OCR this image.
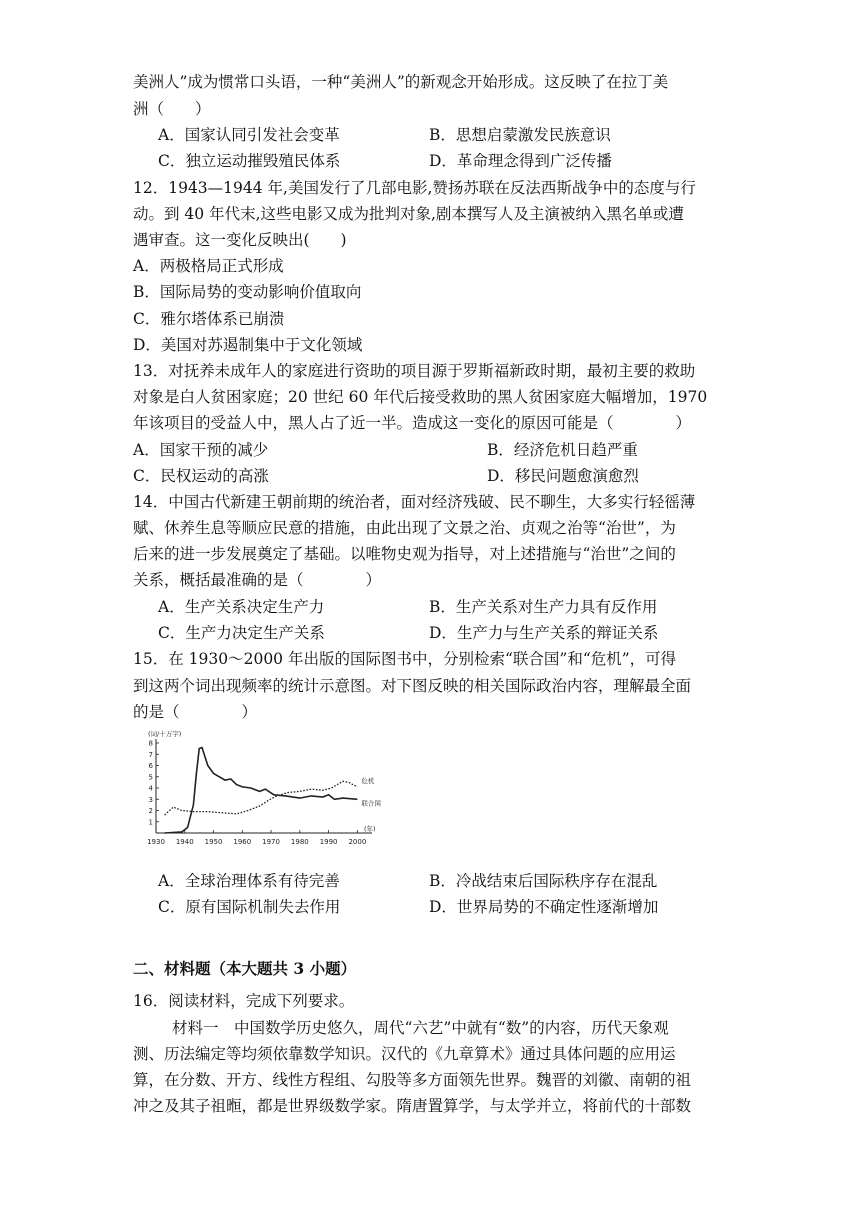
美洲人”成为惯常口头语，一种“美洲人”的新观念开始形成。这反映了在拉丁美
洲（　　）
A．国家认同引发社会变革	B．思想启蒙激发民族意识
C．独立运动摧毁殖民体系	D．革命理念得到广泛传播
12．1943—1944 年,美国发行了几部电影,赞扬苏联在反法西斯战争中的态度与行
动。到 40 年代末,这些电影又成为批判对象,剧本撰写人及主演被纳入黑名单或遭
遇审查。这一变化反映出(　　)
A．两极格局正式形成
B．国际局势的变动影响价值取向
C．雅尔塔体系已崩溃
D．美国对苏遏制集中于文化领域
13．对抚养未成年人的家庭进行资助的项目源于罗斯福新政时期，最初主要的救助
对象是白人贫困家庭；20 世纪 60 年代后接受救助的黑人贫困家庭大幅增加，1970
年该项目的受益人中，黑人占了近一半。造成这一变化的原因可能是（　　　　）
A．国家干预的减少	B．经济危机日趋严重
C．民权运动的高涨	D．移民问题愈演愈烈
14．中国古代新建王朝前期的统治者，面对经济残破、民不聊生，大多实行轻徭薄
赋、休养生息等顺应民意的措施，由此出现了文景之治、贞观之治等“治世”，为
后来的进一步发展奠定了基础。以唯物史观为指导，对上述措施与“治世”之间的
关系，概括最准确的是（　　　　）
A．生产关系决定生产力	B．生产关系对生产力具有反作用
C．生产力决定生产关系	D．生产力与生产关系的辩证关系
15．在 1930～2000 年出版的国际图书中，分别检索“联合国”和“危机”，可得
到这两个词出现频率的统计示意图。对下图反映的相关国际政治内容，理解最全面
的是（　　　　）
1
2
3
4
5
6
7
8
1930 1940 1950 1960 1970 1980 1990 2000
(词/十万字)
(年)
危机
联合国
A．全球治理体系有待完善	B．冷战结束后国际秩序存在混乱
C．原有国际机制失去作用	D．世界局势的不确定性逐渐增加
二、材料题（本大题共 3 小题）
16．阅读材料，完成下列要求。
材料一　中国数学历史悠久，周代“六艺”中就有“数”的内容，历代天象观
测、历法编定等均须依靠数学知识。汉代的《九章算术》通过具体问题的应用运
算，在分数、开方、线性方程组、勾股等多方面领先世界。魏晋的刘徽、南朝的祖
冲之及其子祖暅，都是世界级数学家。隋唐置算学，与太学并立，将前代的十部数
